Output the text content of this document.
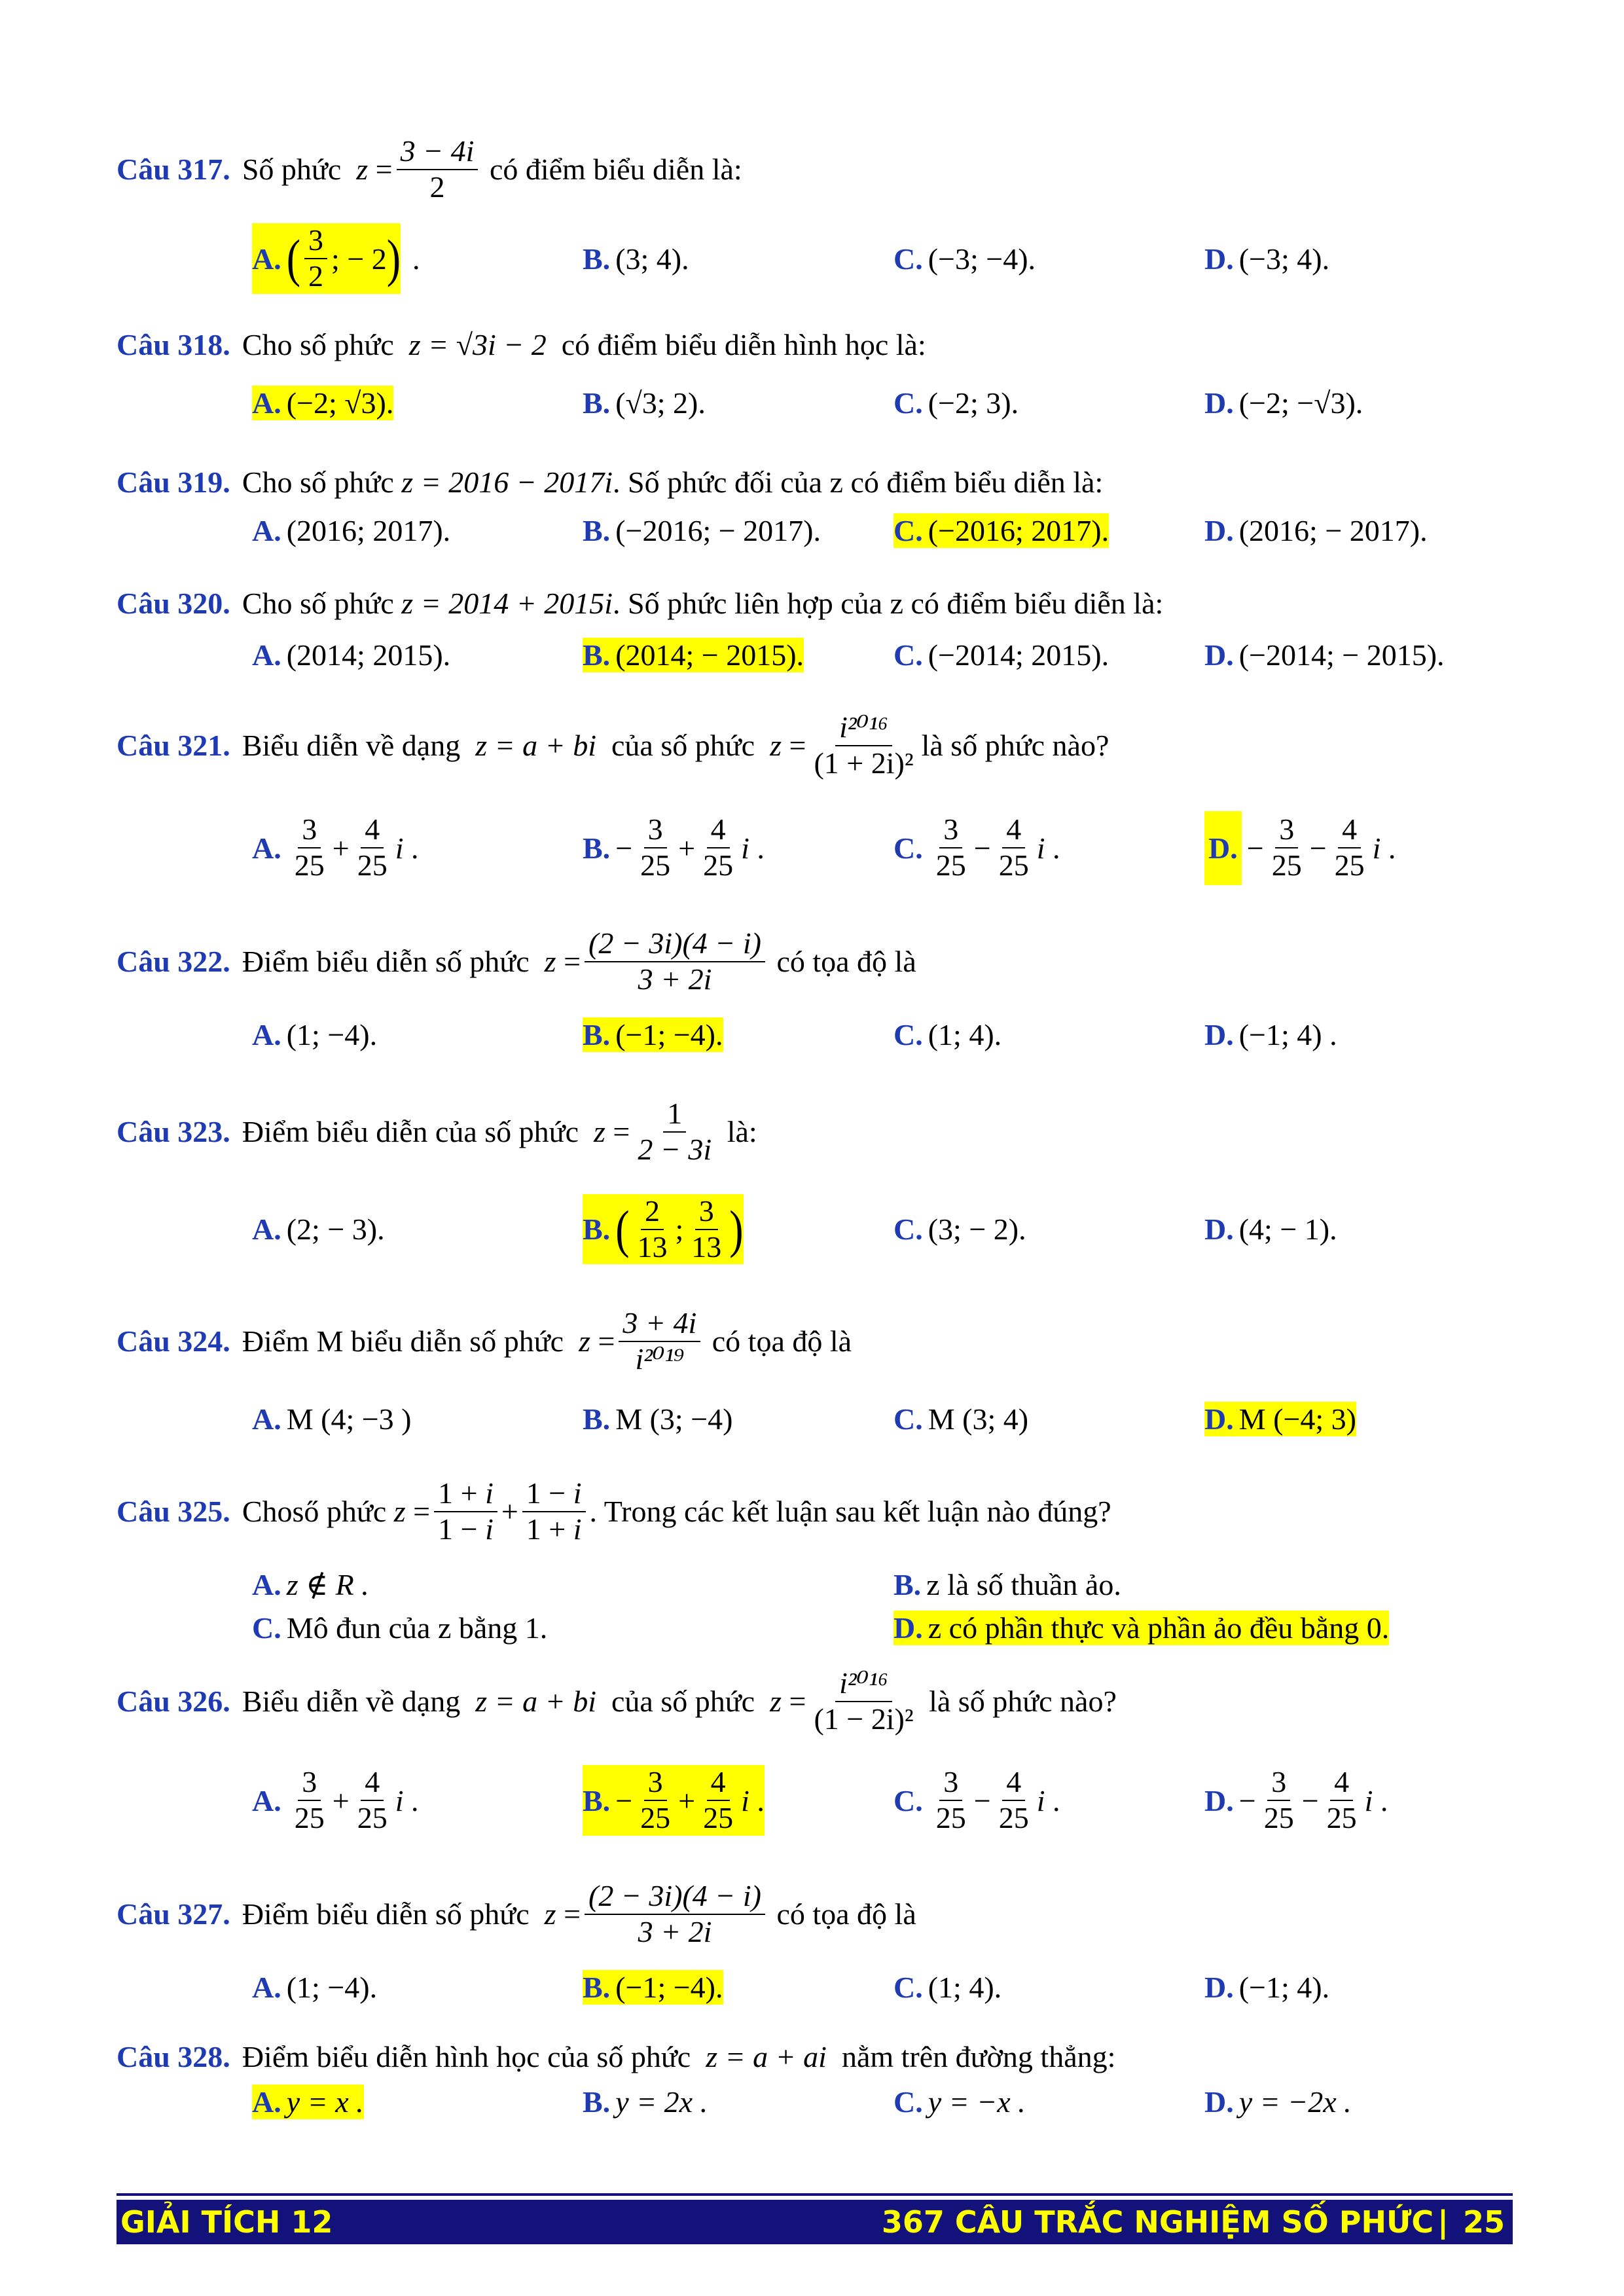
Câu 317. Số phức
$z = \frac{3 - 4i}{2}$
có điểm biểu diễn là:
A. ( $\frac{3}{2}$ ; − 2 ) .	B. (3; 4).	C. (−3; −4).	D. (−3; 4).
Câu 318. Cho số phức
z = √3i − 2
có điểm biểu diễn hình học là:
A. (−2; √3).	B. (√3; 2).	C. (−2; 3).	D. (−2; −√3).
Câu 319. Cho số phức
z = 2016 − 2017i . Số phức đối của z có điểm biểu diễn là:
A. (2016; 2017).	B. (−2016; − 2017). C. (−2016; 2017).	D. (2016; − 2017).
Câu 320. Cho số phức
z = 2014 + 2015i . Số phức liên hợp của z có điểm biểu diễn là:
A. (2014; 2015).	B. (2014; − 2015).	C. (−2014; 2015).	D. (−2014; − 2015).
Câu 321. Biểu diễn về dạng
z = a + bi
của số phức
$z = \frac{\text{i²⁰¹⁶}}{\text{(1 + 2i)²}}$ là số phức nào?
A. $\frac{3}{25} + \frac{4}{25}$ i .	B. − $\frac{3}{25} + \frac{4}{25}$ i .	C. $\frac{3}{25} - \frac{4}{25}$ i .	D. − $\frac{3}{25} - \frac{4}{25}$ i .
Câu 322. Điểm biểu diễn số phức
$z = \frac{(2 - 3i)(4 - i)}{3 + 2i}$
có tọa độ là
A. (1; −4).	B. (−1; −4).	C. (1; 4).	D. (−1; 4) .
Câu 323. Điểm biểu diễn của số phức
$z = \frac{1}{2 - 3i}$
là:
A. (2; − 3).	B. ( $\frac{2}{13}$ ; $\frac{3}{13}$ )	C. (3; − 2).	D. (4; − 1).
Câu 324. Điểm M biểu diễn số phức
$z = \frac{3 + 4i}{\text{i²⁰¹⁹}}$
có tọa độ là
A. M (4; −3 )	B. M (3; −4)	C. M (3; 4)	D. M (−4; 3)
Câu 325. Choső phức
$z = \frac{1 + i}{1 - i} + \frac{1 - i}{1 + i}$ . Trong các kết luận sau kết luận nào đúng?
A. z ∉ R .	B. z là số thuần ảo.
C. Mô đun của z bằng 1.	D. z có phần thực và phần ảo đều bằng 0.
Câu 326. Biểu diễn về dạng
z = a + bi
của số phức
$z = \frac{\text{i²⁰¹⁶}}{\text{(1 − 2i)²}}$
là số phức nào?
A. $\frac{3}{25} + \frac{4}{25}$ i .	B. − $\frac{3}{25} + \frac{4}{25}$ i .	C. $\frac{3}{25} - \frac{4}{25}$ i .	D. − $\frac{3}{25} - \frac{4}{25}$ i .
Câu 327. Điểm biểu diễn số phức
$z = \frac{(2 - 3i)(4 - i)}{3 + 2i}$
có tọa độ là
A. (1; −4).	B. (−1; −4).	C. (1; 4).	D. (−1; 4).
Câu 328. Điểm biểu diễn hình học của số phức
z = a + ai
nằm trên đường thẳng:
A. y = x .	B. y = 2x .	C. y = −x .	D. y = −2x .
GIẢI TÍCH 12	367 CÂU TRẮC NGHIỆM SỐ PHỨC | 25
